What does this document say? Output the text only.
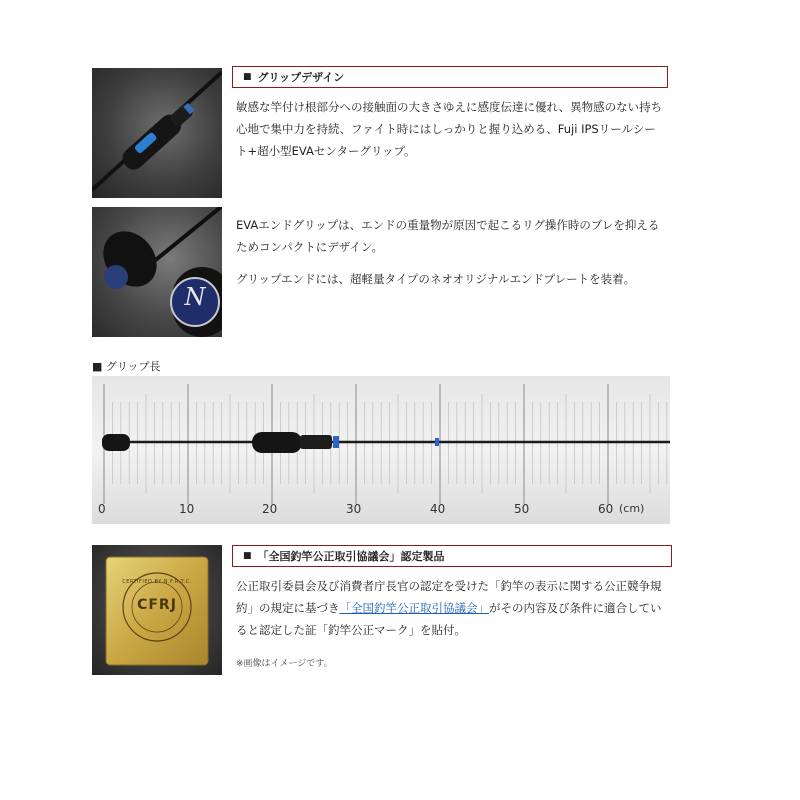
■ グリップデザイン

敏感な竿付け根部分への接触面の大きさゆえに感度伝達に優れ、異物感のない持ち心地で集中力を持続、ファイト時にはしっかりと握り込める、Fuji IPSリールシート+超小型EVAセンターグリップ。

N

EVAエンドグリップは、エンドの重量物が原因で起こるリグ操作時のブレを抑えるためコンパクトにデザイン。

グリップエンドには、超軽量タイプのネオオリジナルエンドプレートを装着。

■ グリップ長
0	10	20	30	40	50	60 (cm)
CFRJ
CERTIFIED BY N.F.R.T.C.
■ 「全国釣竿公正取引協議会」認定製品

公正取引委員会及び消費者庁長官の認定を受けた「釣竿の表示に関する公正競争規約」の規定に基づき「全国釣竿公正取引協議会」がその内容及び条件に適合していると認定した証「釣竿公正マーク」を貼付。

※画像はイメージです。
